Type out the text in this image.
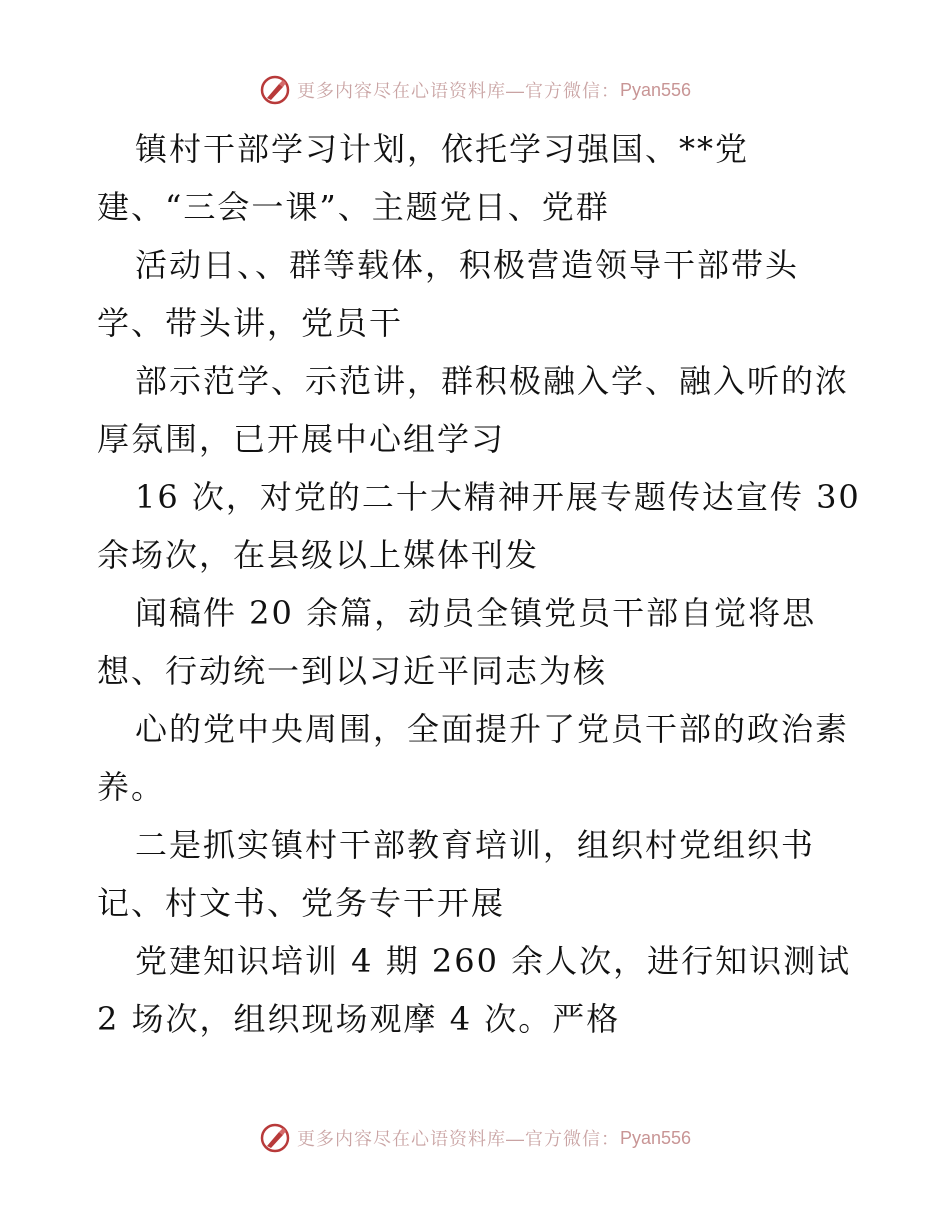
更多内容尽在心语资料库—官方微信： Pyan556
镇村干部学习计划，依托学习强国、**党
建、“三会一课”、主题党日、党群
活动日、、群等载体，积极营造领导干部带头
学、带头讲，党员干
部示范学、示范讲，群积极融入学、融入听的浓
厚氛围，已开展中心组学习
16 次，对党的二十大精神开展专题传达宣传 30
余场次，在县级以上媒体刊发
闻稿件 20 余篇，动员全镇党员干部自觉将思
想、行动统一到以习近平同志为核
心的党中央周围，全面提升了党员干部的政治素
养。
二是抓实镇村干部教育培训，组织村党组织书
记、村文书、党务专干开展
党建知识培训 4 期 260 余人次，进行知识测试
2 场次，组织现场观摩 4 次。严格
更多内容尽在心语资料库—官方微信： Pyan556
